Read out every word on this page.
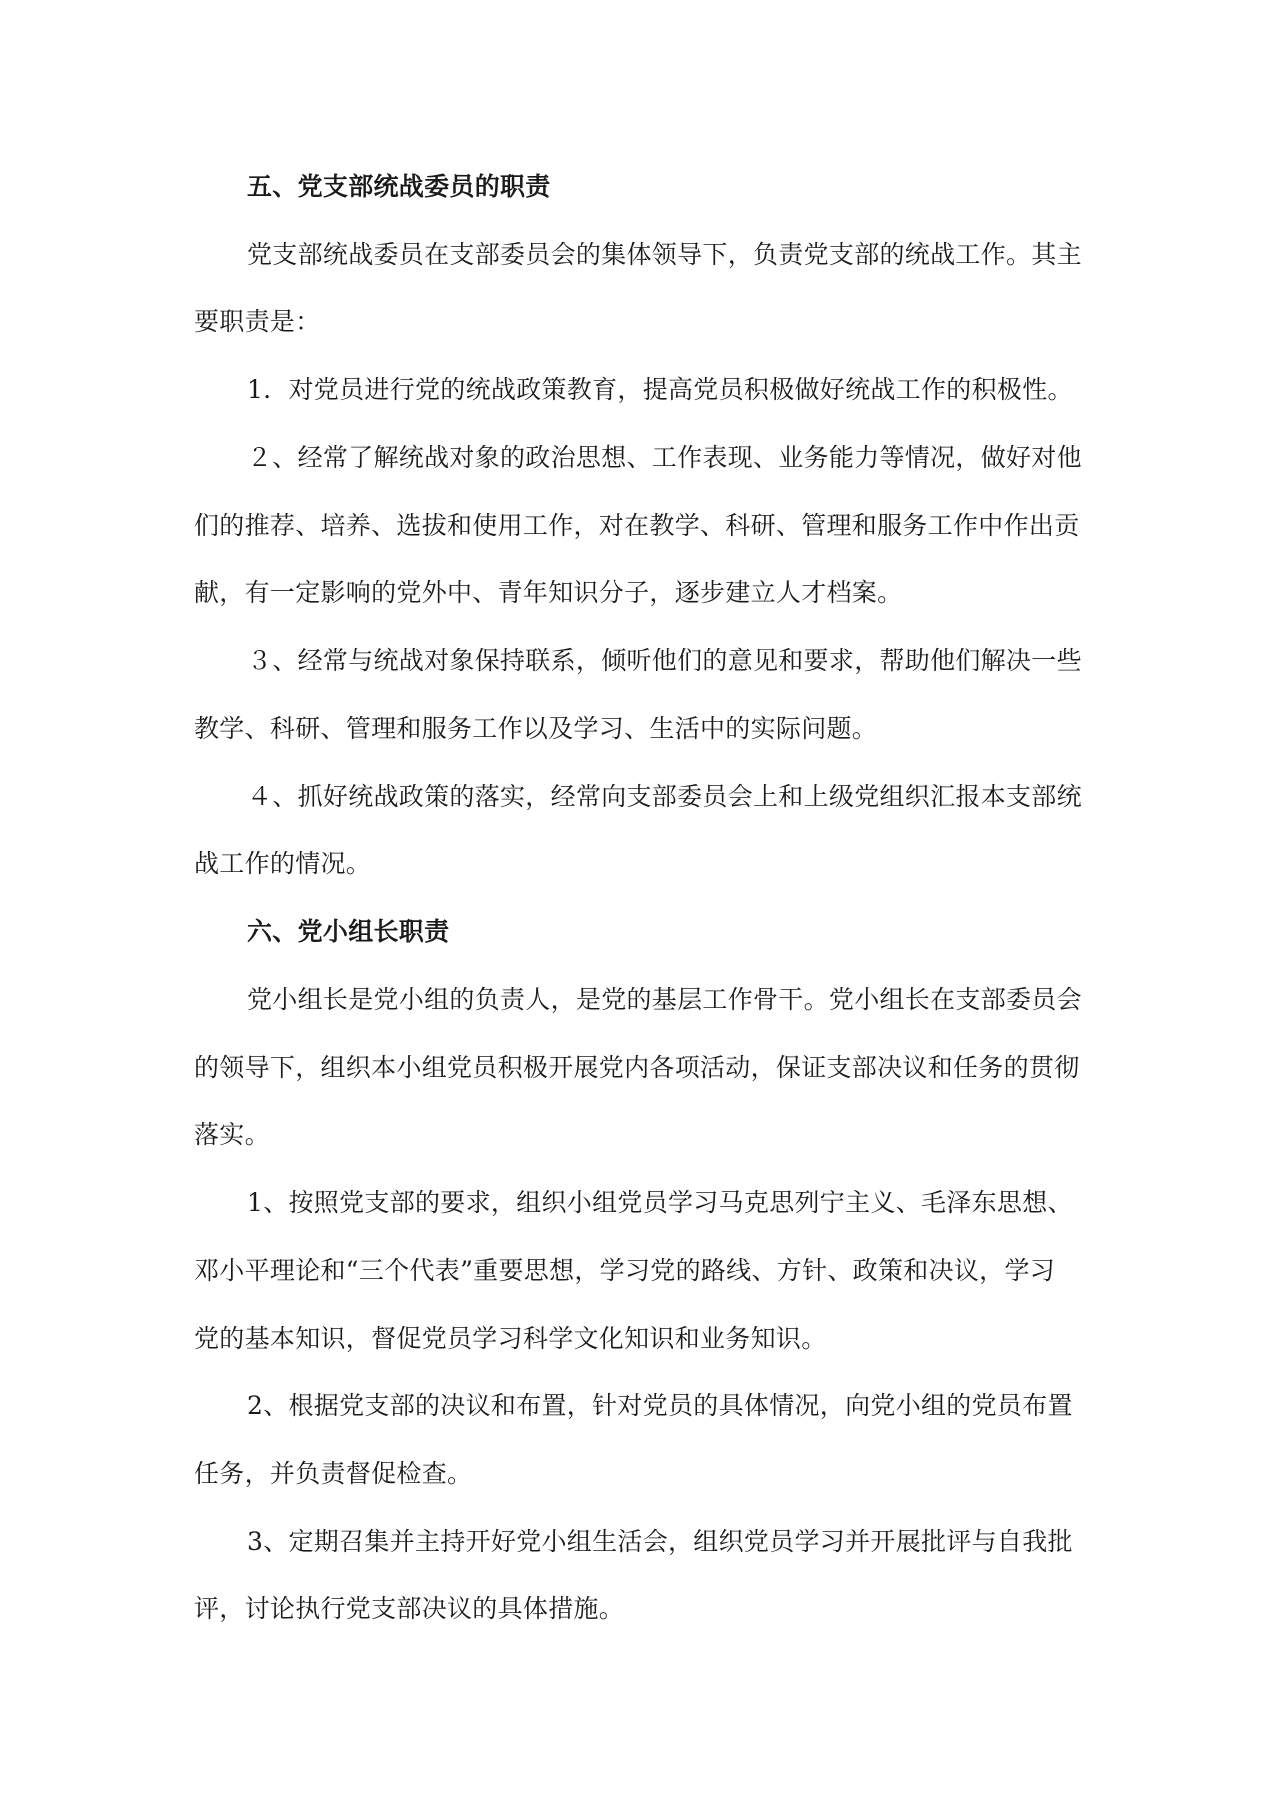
五、党支部统战委员的职责

党支部统战委员在支部委员会的集体领导下，负责党支部的统战工作。其主

要职责是：

1．对党员进行党的统战政策教育，提高党员积极做好统战工作的积极性。

２、经常了解统战对象的政治思想、工作表现、业务能力等情况，做好对他

们的推荐、培养、选拔和使用工作，对在教学、科研、管理和服务工作中作出贡

献，有一定影响的党外中、青年知识分子，逐步建立人才档案。

３、经常与统战对象保持联系，倾听他们的意见和要求，帮助他们解决一些

教学、科研、管理和服务工作以及学习、生活中的实际问题。

４、抓好统战政策的落实，经常向支部委员会上和上级党组织汇报本支部统

战工作的情况。

六、党小组长职责

党小组长是党小组的负责人，是党的基层工作骨干。党小组长在支部委员会

的领导下，组织本小组党员积极开展党内各项活动，保证支部决议和任务的贯彻

落实。

1、按照党支部的要求，组织小组党员学习马克思列宁主义、毛泽东思想、

邓小平理论和“三个代表”重要思想，学习党的路线、方针、政策和决议，学习

党的基本知识，督促党员学习科学文化知识和业务知识。

2、根据党支部的决议和布置，针对党员的具体情况，向党小组的党员布置

任务，并负责督促检查。

3、定期召集并主持开好党小组生活会，组织党员学习并开展批评与自我批

评，讨论执行党支部决议的具体措施。
